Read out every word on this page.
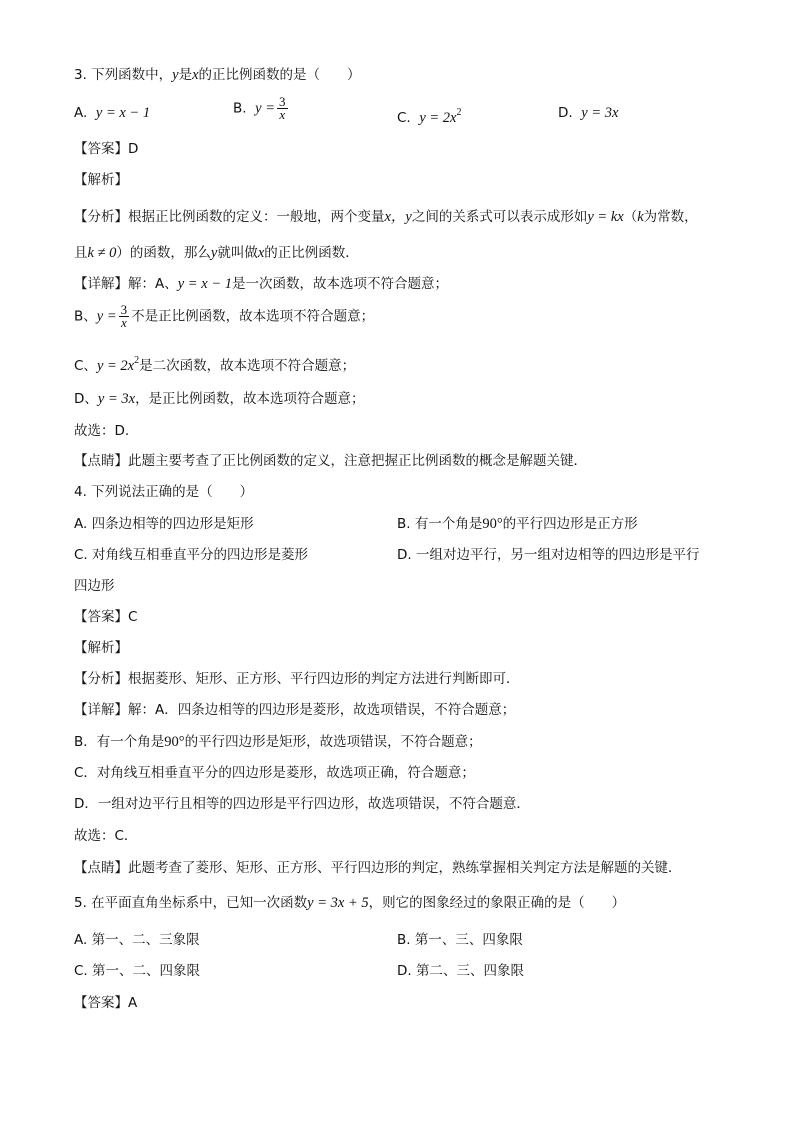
3. 下列函数中，y是x的正比例函数的是（　　）
A. y = x − 1	B. $y = \frac{3}{x}$	C. $y = 2x^2$	D. y = 3x
【答案】D
【解析】
【分析】根据正比例函数的定义：一般地，两个变量x，y之间的关系式可以表示成形如y = kx（k为常数，
且k ≠ 0）的函数，那么y就叫做x的正比例函数．
【详解】解：A、y = x − 1是一次函数，故本选项不符合题意；
B、$y = \frac{3}{x}$ 不是正比例函数，故本选项不符合题意；
C、$y = 2x^2$是二次函数，故本选项不符合题意；
D、y = 3x，是正比例函数，故本选项符合题意；
故选：D.
【点睛】此题主要考查了正比例函数的定义，注意把握正比例函数的概念是解题关键．
4. 下列说法正确的是（　　）
A. 四条边相等的四边形是矩形	B. 有一个角是90°的平行四边形是正方形
C. 对角线互相垂直平分的四边形是菱形	D. 一组对边平行，另一组对边相等的四边形是平行
四边形
【答案】C
【解析】
【分析】根据菱形、矩形、正方形、平行四边形的判定方法进行判断即可．
【详解】解：A．四条边相等的四边形是菱形，故选项错误，不符合题意；
B．有一个角是90°的平行四边形是矩形，故选项错误，不符合题意；
C．对角线互相垂直平分的四边形是菱形，故选项正确，符合题意；
D．一组对边平行且相等的四边形是平行四边形，故选项错误，不符合题意．
故选：C．
【点睛】此题考查了菱形、矩形、正方形、平行四边形的判定，熟练掌握相关判定方法是解题的关键．
5. 在平面直角坐标系中，已知一次函数y = 3x + 5，则它的图象经过的象限正确的是（　　）
A. 第一、二、三象限	B. 第一、三、四象限
C. 第一、二、四象限	D. 第二、三、四象限
【答案】A
